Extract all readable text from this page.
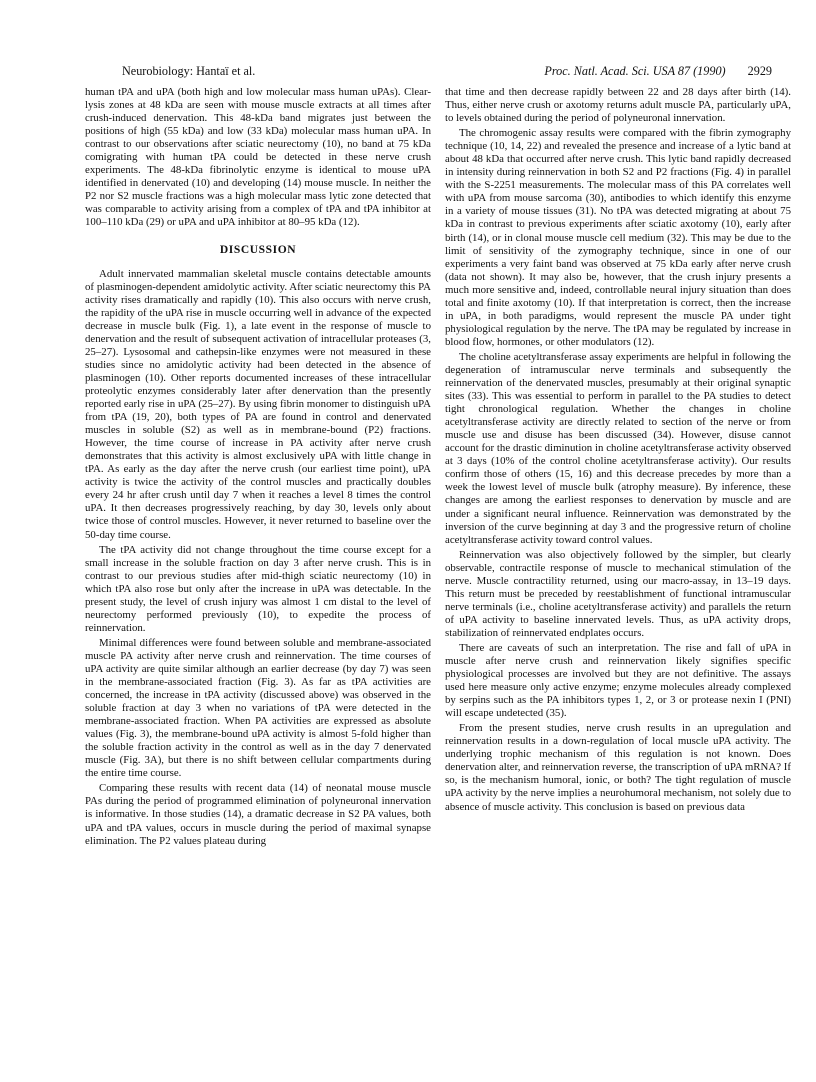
Neurobiology: Hantaï et al.	Proc. Natl. Acad. Sci. USA 87 (1990) 2929

human tPA and uPA (both high and low molecular mass human uPAs). Clear-lysis zones at 48 kDa are seen with mouse muscle extracts at all times after crush-induced denervation. This 48-kDa band migrates just between the positions of high (55 kDa) and low (33 kDa) molecular mass human uPA. In contrast to our observations after sciatic neurectomy (10), no band at 75 kDa comigrating with human tPA could be detected in these nerve crush experiments. The 48-kDa fibrinolytic enzyme is identical to mouse uPA identified in denervated (10) and developing (14) mouse muscle. In neither the P2 nor S2 muscle fractions was a high molecular mass lytic zone detected that was comparable to activity arising from a complex of tPA and tPA inhibitor at 100–110 kDa (29) or uPA and uPA inhibitor at 80–95 kDa (12).

DISCUSSION

Adult innervated mammalian skeletal muscle contains detectable amounts of plasminogen-dependent amidolytic activity. After sciatic neurectomy this PA activity rises dramatically and rapidly (10). This also occurs with nerve crush, the rapidity of the uPA rise in muscle occurring well in advance of the expected decrease in muscle bulk (Fig. 1), a late event in the response of muscle to denervation and the result of subsequent activation of intracellular proteases (3, 25–27). Lysosomal and cathepsin-like enzymes were not measured in these studies since no amidolytic activity had been detected in the absence of plasminogen (10). Other reports documented increases of these intracellular proteolytic enzymes considerably later after denervation than the presently reported early rise in uPA (25–27). By using fibrin monomer to distinguish uPA from tPA (19, 20), both types of PA are found in control and denervated muscles in soluble (S2) as well as in membrane-bound (P2) fractions. However, the time course of increase in PA activity after nerve crush demonstrates that this activity is almost exclusively uPA with little change in tPA. As early as the day after the nerve crush (our earliest time point), uPA activity is twice the activity of the control muscles and practically doubles every 24 hr after crush until day 7 when it reaches a level 8 times the control uPA. It then decreases progressively reaching, by day 30, levels only about twice those of control muscles. However, it never returned to baseline over the 50-day time course.

The tPA activity did not change throughout the time course except for a small increase in the soluble fraction on day 3 after nerve crush. This is in contrast to our previous studies after mid-thigh sciatic neurectomy (10) in which tPA also rose but only after the increase in uPA was detectable. In the present study, the level of crush injury was almost 1 cm distal to the level of neurectomy performed previously (10), to expedite the process of reinnervation.

Minimal differences were found between soluble and membrane-associated muscle PA activity after nerve crush and reinnervation. The time courses of uPA activity are quite similar although an earlier decrease (by day 7) was seen in the membrane-associated fraction (Fig. 3). As far as tPA activities are concerned, the increase in tPA activity (discussed above) was observed in the soluble fraction at day 3 when no variations of tPA were detected in the membrane-associated fraction. When PA activities are expressed as absolute values (Fig. 3), the membrane-bound uPA activity is almost 5-fold higher than the soluble fraction activity in the control as well as in the day 7 denervated muscle (Fig. 3A), but there is no shift between cellular compartments during the entire time course.

Comparing these results with recent data (14) of neonatal mouse muscle PAs during the period of programmed elimination of polyneuronal innervation is informative. In those studies (14), a dramatic decrease in S2 PA values, both uPA and tPA values, occurs in muscle during the period of maximal synapse elimination. The P2 values plateau during

that time and then decrease rapidly between 22 and 28 days after birth (14). Thus, either nerve crush or axotomy returns adult muscle PA, particularly uPA, to levels obtained during the period of polyneuronal innervation.

The chromogenic assay results were compared with the fibrin zymography technique (10, 14, 22) and revealed the presence and increase of a lytic band at about 48 kDa that occurred after nerve crush. This lytic band rapidly decreased in intensity during reinnervation in both S2 and P2 fractions (Fig. 4) in parallel with the S-2251 measurements. The molecular mass of this PA correlates well with uPA from mouse sarcoma (30), antibodies to which identify this enzyme in a variety of mouse tissues (31). No tPA was detected migrating at about 75 kDa in contrast to previous experiments after sciatic axotomy (10), early after birth (14), or in clonal mouse muscle cell medium (32). This may be due to the limit of sensitivity of the zymography technique, since in one of our experiments a very faint band was observed at 75 kDa early after nerve crush (data not shown). It may also be, however, that the crush injury presents a much more sensitive and, indeed, controllable neural injury situation than does total and finite axotomy (10). If that interpretation is correct, then the increase in uPA, in both paradigms, would represent the muscle PA under tight physiological regulation by the nerve. The tPA may be regulated by increase in blood flow, hormones, or other modulators (12).

The choline acetyltransferase assay experiments are helpful in following the degeneration of intramuscular nerve terminals and subsequently the reinnervation of the denervated muscles, presumably at their original synaptic sites (33). This was essential to perform in parallel to the PA studies to detect tight chronological regulation. Whether the changes in choline acetyltransferase activity are directly related to section of the nerve or from muscle use and disuse has been discussed (34). However, disuse cannot account for the drastic diminution in choline acetyltransferase activity observed at 3 days (10% of the control choline acetyltransferase activity). Our results confirm those of others (15, 16) and this decrease precedes by more than a week the lowest level of muscle bulk (atrophy measure). By inference, these changes are among the earliest responses to denervation by muscle and are under a significant neural influence. Reinnervation was demonstrated by the inversion of the curve beginning at day 3 and the progressive return of choline acetyltransferase activity toward control values.

Reinnervation was also objectively followed by the simpler, but clearly observable, contractile response of muscle to mechanical stimulation of the nerve. Muscle contractility returned, using our macro-assay, in 13–19 days. This return must be preceded by reestablishment of functional intramuscular nerve terminals (i.e., choline acetyltransferase activity) and parallels the return of uPA activity to baseline innervated levels. Thus, as uPA activity drops, stabilization of reinnervated endplates occurs.

There are caveats of such an interpretation. The rise and fall of uPA in muscle after nerve crush and reinnervation likely signifies specific physiological processes are involved but they are not definitive. The assays used here measure only active enzyme; enzyme molecules already complexed by serpins such as the PA inhibitors types 1, 2, or 3 or protease nexin I (PNI) will escape undetected (35).

From the present studies, nerve crush results in an upregulation and reinnervation results in a down-regulation of local muscle uPA activity. The underlying trophic mechanism of this regulation is not known. Does denervation alter, and reinnervation reverse, the transcription of uPA mRNA? If so, is the mechanism humoral, ionic, or both? The tight regulation of muscle uPA activity by the nerve implies a neurohumoral mechanism, not solely due to absence of muscle activity. This conclusion is based on previous data
